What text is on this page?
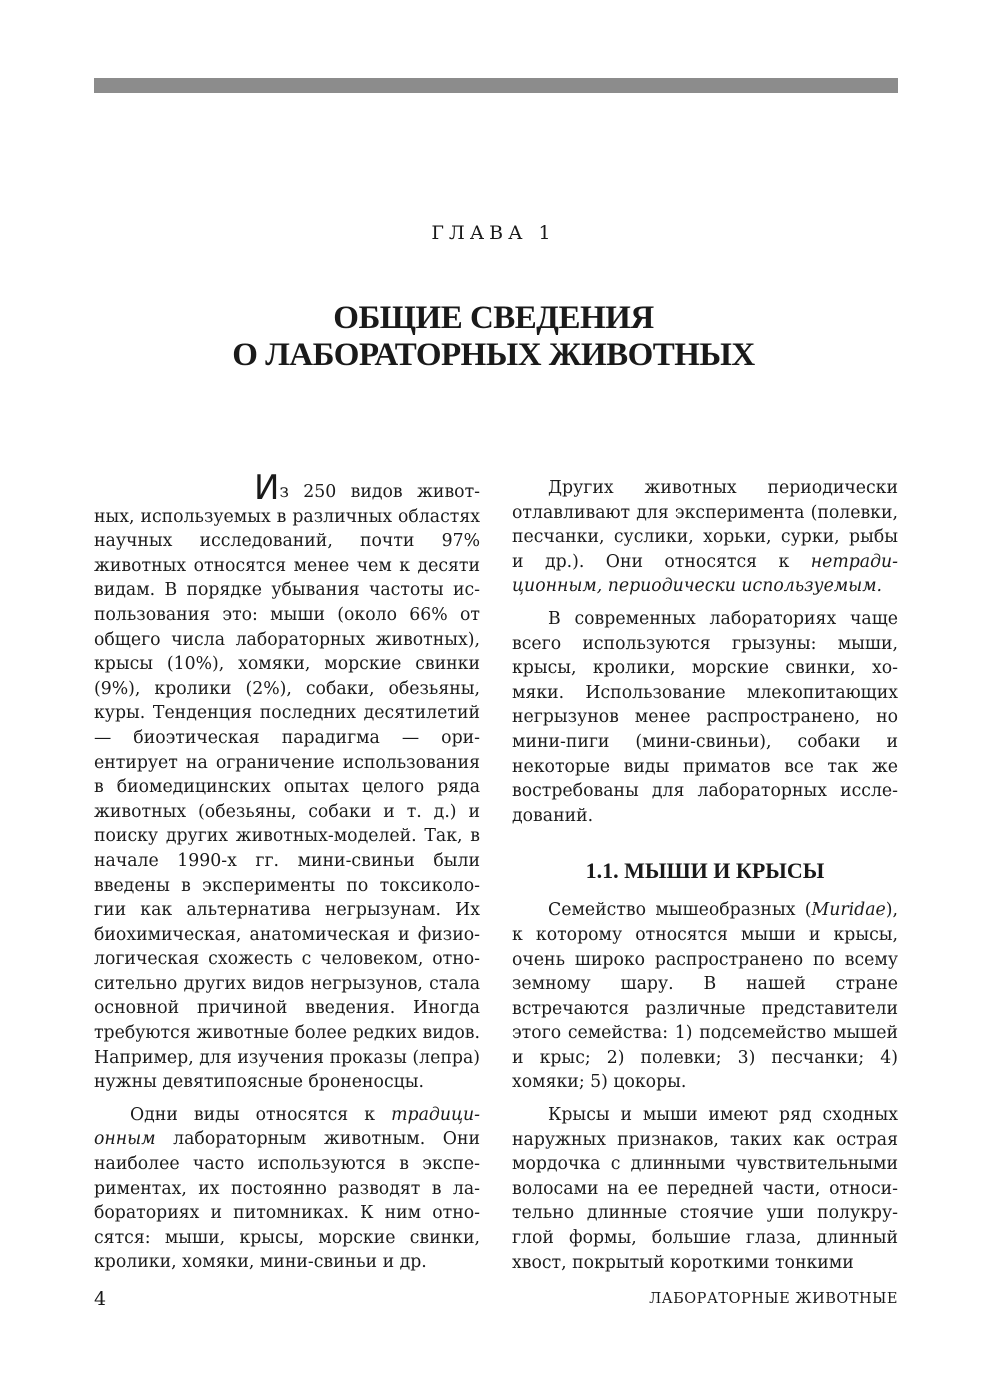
ГЛАВА 1
ОБЩИЕ СВЕДЕНИЯ
О ЛАБОРАТОРНЫХ ЖИВОТНЫХ

Из 250 видов животных, используемых в различных областях научных исследований, почти 97% животных относятся менее чем к десяти видам. В порядке убывания частоты использования это: мыши (около 66% от общего числа лабораторных животных), крысы (10%), хомяки, морские свинки (9%), кролики (2%), собаки, обезьяны, куры. Тенденция последних десятилетий — биоэтическая парадигма — ориентирует на ограничение использования в биомедицинских опытах целого ряда животных (обезьяны, собаки и т. д.) и поиску других животных-моделей. Так, в начале 1990-х гг. мини-свиньи были введены в эксперименты по токсикологии как альтернатива негрызунам. Их биохимическая, анатомическая и физиологическая схожесть с человеком, относительно других видов негрызунов, стала основной причиной введения. Иногда требуются животные более редких видов. Например, для изучения проказы (лепра) нужны девятипоясные броненосцы.

Одни виды относятся к традиционным лабораторным животным. Они наиболее часто используются в экспериментах, их постоянно разводят в лабораториях и питомниках. К ним относятся: мыши, крысы, морские свинки, кролики, хомяки, мини-свиньи и др.

Других животных периодически отлавливают для эксперимента (полевки, песчанки, суслики, хорьки, сурки, рыбы и др.). Они относятся к нетрадиционным, периодически используемым.

В современных лабораториях чаще всего используются грызуны: мыши, крысы, кролики, морские свинки, хомяки. Использование млекопитающих негрызунов менее распространено, но мини-пиги (мини-свиньи), собаки и некоторые виды приматов все так же востребованы для лабораторных исследований.

1.1. МЫШИ И КРЫСЫ

Семейство мышеобразных (Muridae), к которому относятся мыши и крысы, очень широко распространено по всему земному шару. В нашей стране встречаются различные представители этого семейства: 1) подсемейство мышей и крыс; 2) полевки; 3) песчанки; 4) хомяки; 5) цокоры.

Крысы и мыши имеют ряд сходных наружных признаков, таких как острая мордочка с длинными чувствительными волосами на ее передней части, относительно длинные стоячие уши полукруглой формы, большие глаза, длинный хвост, покрытый короткими тонкими

4	ЛАБОРАТОРНЫЕ ЖИВОТНЫЕ
